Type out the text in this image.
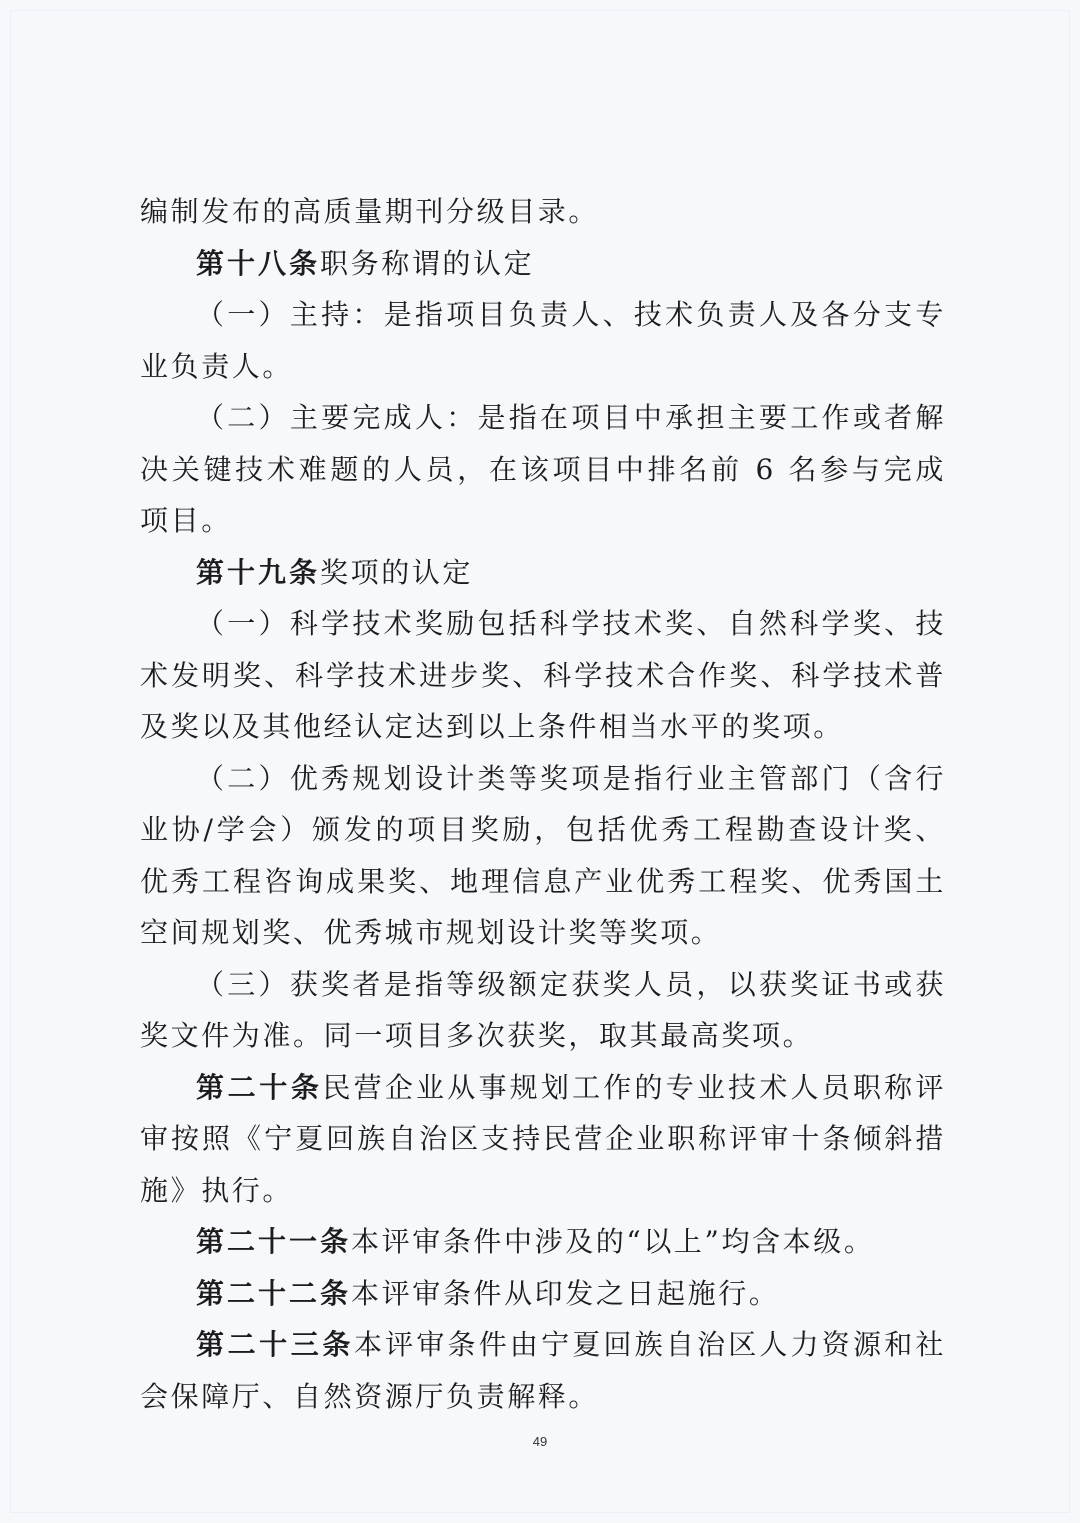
编制发布的高质量期刊分级目录。

第十八条职务称谓的认定

（一）主持：是指项目负责人、技术负责人及各分支专业负责人。

（二）主要完成人：是指在项目中承担主要工作或者解决关键技术难题的人员，在该项目中排名前 6 名参与完成项目。

第十九条奖项的认定

（一）科学技术奖励包括科学技术奖、自然科学奖、技术发明奖、科学技术进步奖、科学技术合作奖、科学技术普及奖以及其他经认定达到以上条件相当水平的奖项。

（二）优秀规划设计类等奖项是指行业主管部门（含行业协/学会）颁发的项目奖励，包括优秀工程勘查设计奖、优秀工程咨询成果奖、地理信息产业优秀工程奖、优秀国土空间规划奖、优秀城市规划设计奖等奖项。

（三）获奖者是指等级额定获奖人员，以获奖证书或获奖文件为准。同一项目多次获奖，取其最高奖项。

第二十条民营企业从事规划工作的专业技术人员职称评审按照《宁夏回族自治区支持民营企业职称评审十条倾斜措施》执行。

第二十一条本评审条件中涉及的“以上”均含本级。

第二十二条本评审条件从印发之日起施行。

第二十三条本评审条件由宁夏回族自治区人力资源和社会保障厅、自然资源厅负责解释。

49
